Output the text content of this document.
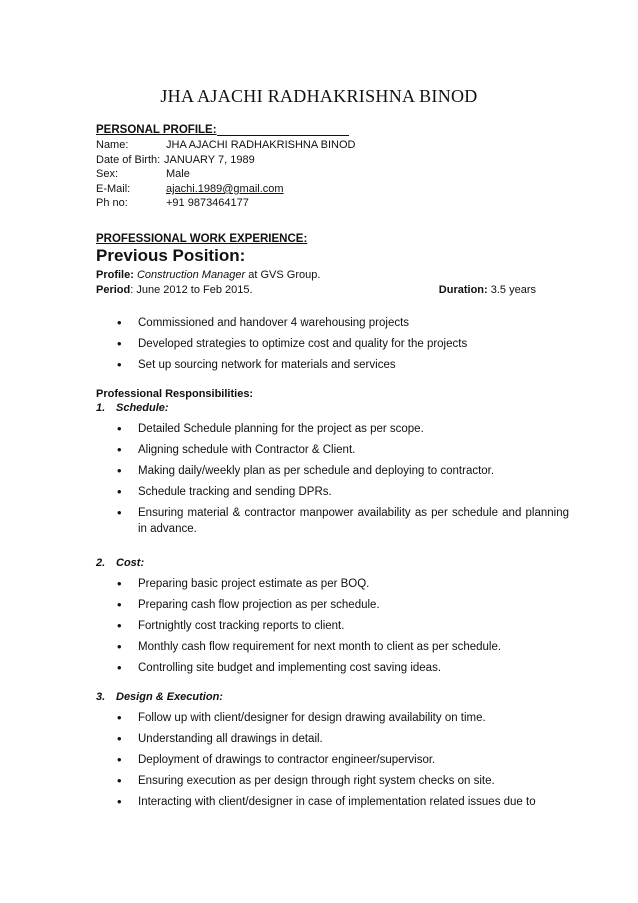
JHA AJACHI RADHAKRISHNA BINOD
PERSONAL PROFILE:
Name:	JHA AJACHI RADHAKRISHNA BINOD
Date of Birth: JANUARY 7, 1989
Sex:	Male
E-Mail:	ajachi.1989@gmail.com
Ph no:	+91 9873464177
PROFESSIONAL WORK EXPERIENCE:
Previous Position:
Profile: Construction Manager at GVS Group.
Period: June 2012 to Feb 2015.	Duration: 3.5 years
• Commissioned and handover 4 warehousing projects
• Developed strategies to optimize cost and quality for the projects
• Set up sourcing network for materials and services
Professional Responsibilities:
1. Schedule:
• Detailed Schedule planning for the project as per scope.
• Aligning schedule with Contractor & Client.
• Making daily/weekly plan as per schedule and deploying to contractor.
• Schedule tracking and sending DPRs.
• Ensuring material & contractor manpower availability as per schedule and planning in advance.
2. Cost:
• Preparing basic project estimate as per BOQ.
• Preparing cash flow projection as per schedule.
• Fortnightly cost tracking reports to client.
• Monthly cash flow requirement for next month to client as per schedule.
• Controlling site budget and implementing cost saving ideas.
3. Design & Execution:
• Follow up with client/designer for design drawing availability on time.
• Understanding all drawings in detail.
• Deployment of drawings to contractor engineer/supervisor.
• Ensuring execution as per design through right system checks on site.
• Interacting with client/designer in case of implementation related issues due to
